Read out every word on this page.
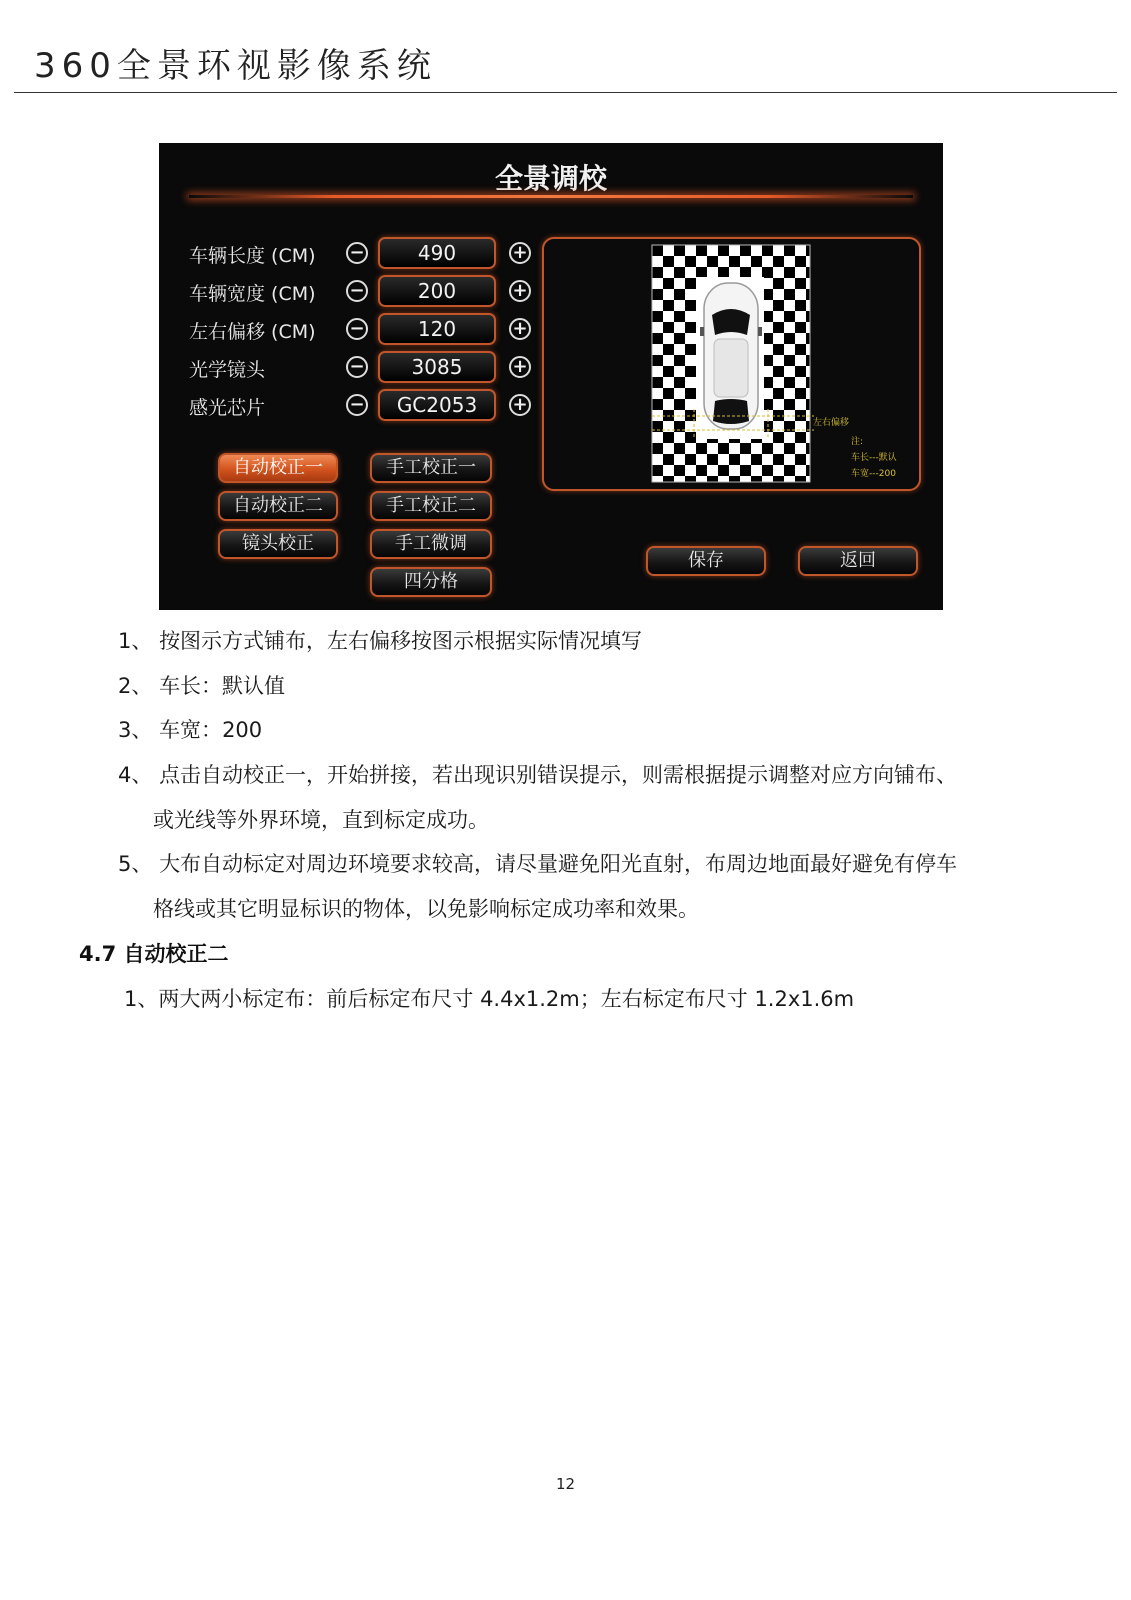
360全景环视影像系统
全景调校
车辆长度 (CM)	−	490	+
车辆宽度 (CM)	−	200	+
左右偏移 (CM)	−	120	+
光学镜头	−	3085	+
感光芯片	−	GC2053	+
自动校正一
自动校正二
镜头校正
手工校正一
手工校正二
手工微调
四分格
保存	返回
左右偏移
注:
车长---默认
车宽---200
1、 按图示方式铺布，左右偏移按图示根据实际情况填写
2、 车长：默认值
3、 车宽：200
4、 点击自动校正一，开始拼接，若出现识别错误提示，则需根据提示调整对应方向铺布、
或光线等外界环境，直到标定成功。
5、 大布自动标定对周边环境要求较高，请尽量避免阳光直射，布周边地面最好避免有停车
格线或其它明显标识的物体，以免影响标定成功率和效果。
4.7 自动校正二
1、两大两小标定布：前后标定布尺寸 4.4x1.2m；左右标定布尺寸 1.2x1.6m
12
